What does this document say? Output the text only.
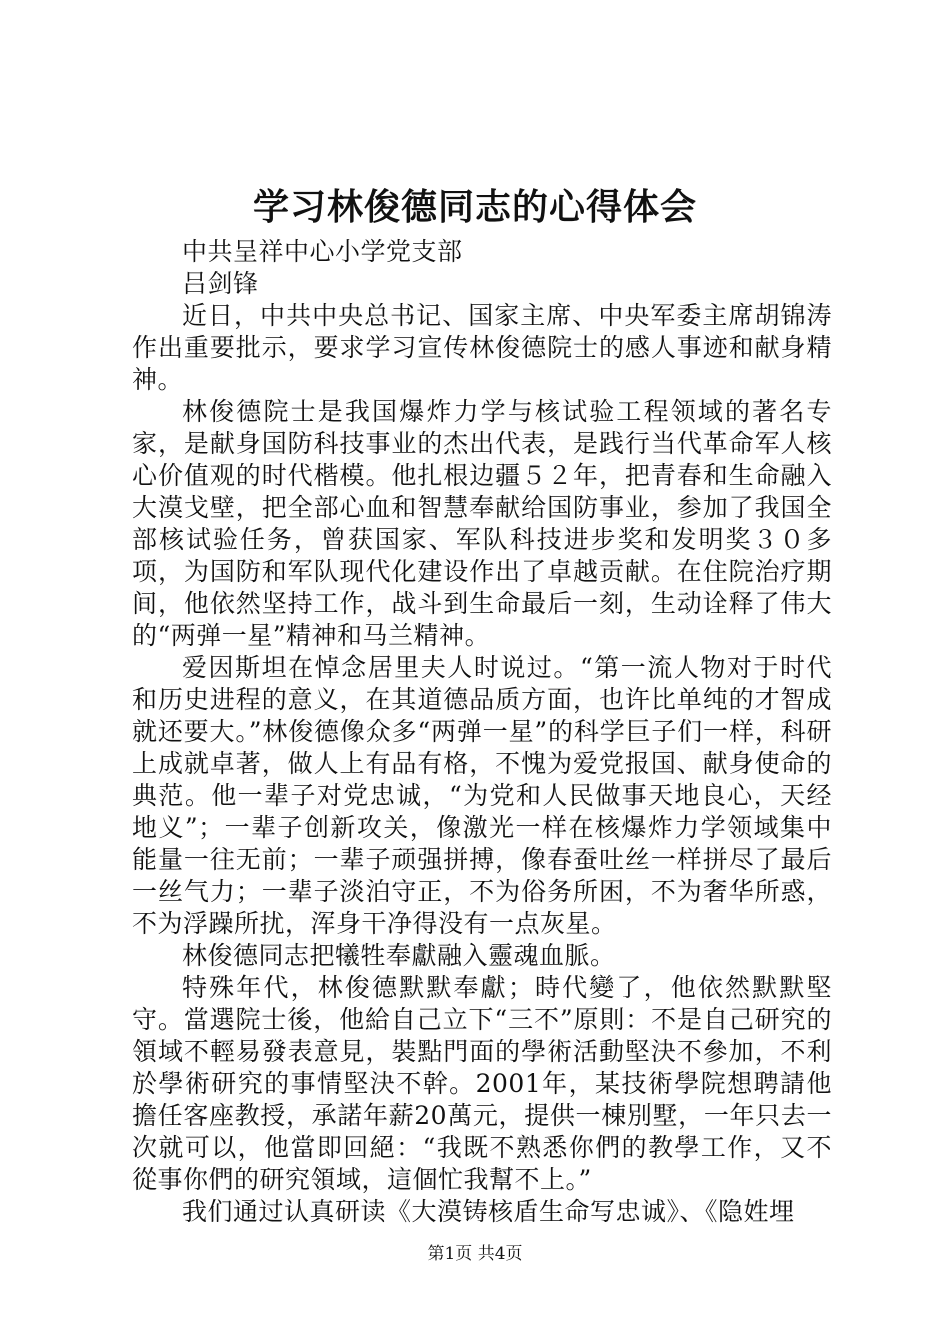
学习林俊德同志的心得体会

中共呈祥中心小学党支部

吕剑锋

近日，中共中央总书记、国家主席、中央军委主席胡锦涛作出重要批示，要求学习宣传林俊德院士的感人事迹和献身精神。

林俊德院士是我国爆炸力学与核试验工程领域的著名专家，是献身国防科技事业的杰出代表，是践行当代革命军人核心价值观的时代楷模。他扎根边疆５２年，把青春和生命融入大漠戈壁，把全部心血和智慧奉献给国防事业，参加了我国全部核试验任务，曾获国家、军队科技进步奖和发明奖３０多项，为国防和军队现代化建设作出了卓越贡献。在住院治疗期间，他依然坚持工作，战斗到生命最后一刻，生动诠释了伟大的“两弹一星”精神和马兰精神。

爱因斯坦在悼念居里夫人时说过。“第一流人物对于时代和历史进程的意义，在其道德品质方面，也许比单纯的才智成就还要大。”林俊德像众多“两弹一星”的科学巨子们一样，科研上成就卓著，做人上有品有格，不愧为爱党报国、献身使命的典范。他一辈子对党忠诚，“为党和人民做事天地良心，天经地义”；一辈子创新攻关，像激光一样在核爆炸力学领域集中能量一往无前；一辈子顽强拼搏，像春蚕吐丝一样拼尽了最后一丝气力；一辈子淡泊守正，不为俗务所困，不为奢华所惑，不为浮躁所扰，浑身干净得没有一点灰星。

林俊德同志把犧牲奉獻融入靈魂血脈。

特殊年代，林俊德默默奉獻；時代變了，他依然默默堅守。當選院士後，他給自己立下“三不”原則：不是自己研究的領域不輕易發表意見，裝點門面的學術活動堅決不參加，不利於學術研究的事情堅決不幹。2001年，某技術學院想聘請他擔任客座教授，承諾年薪20萬元，提供一棟別墅，一年只去一次就可以，他當即回絕：“我既不熟悉你們的教學工作，又不從事你們的研究領域，這個忙我幫不上。”

我们通过认真研读《大漠铸核盾生命写忠诚》、《隐姓埋

第1页 共4页
